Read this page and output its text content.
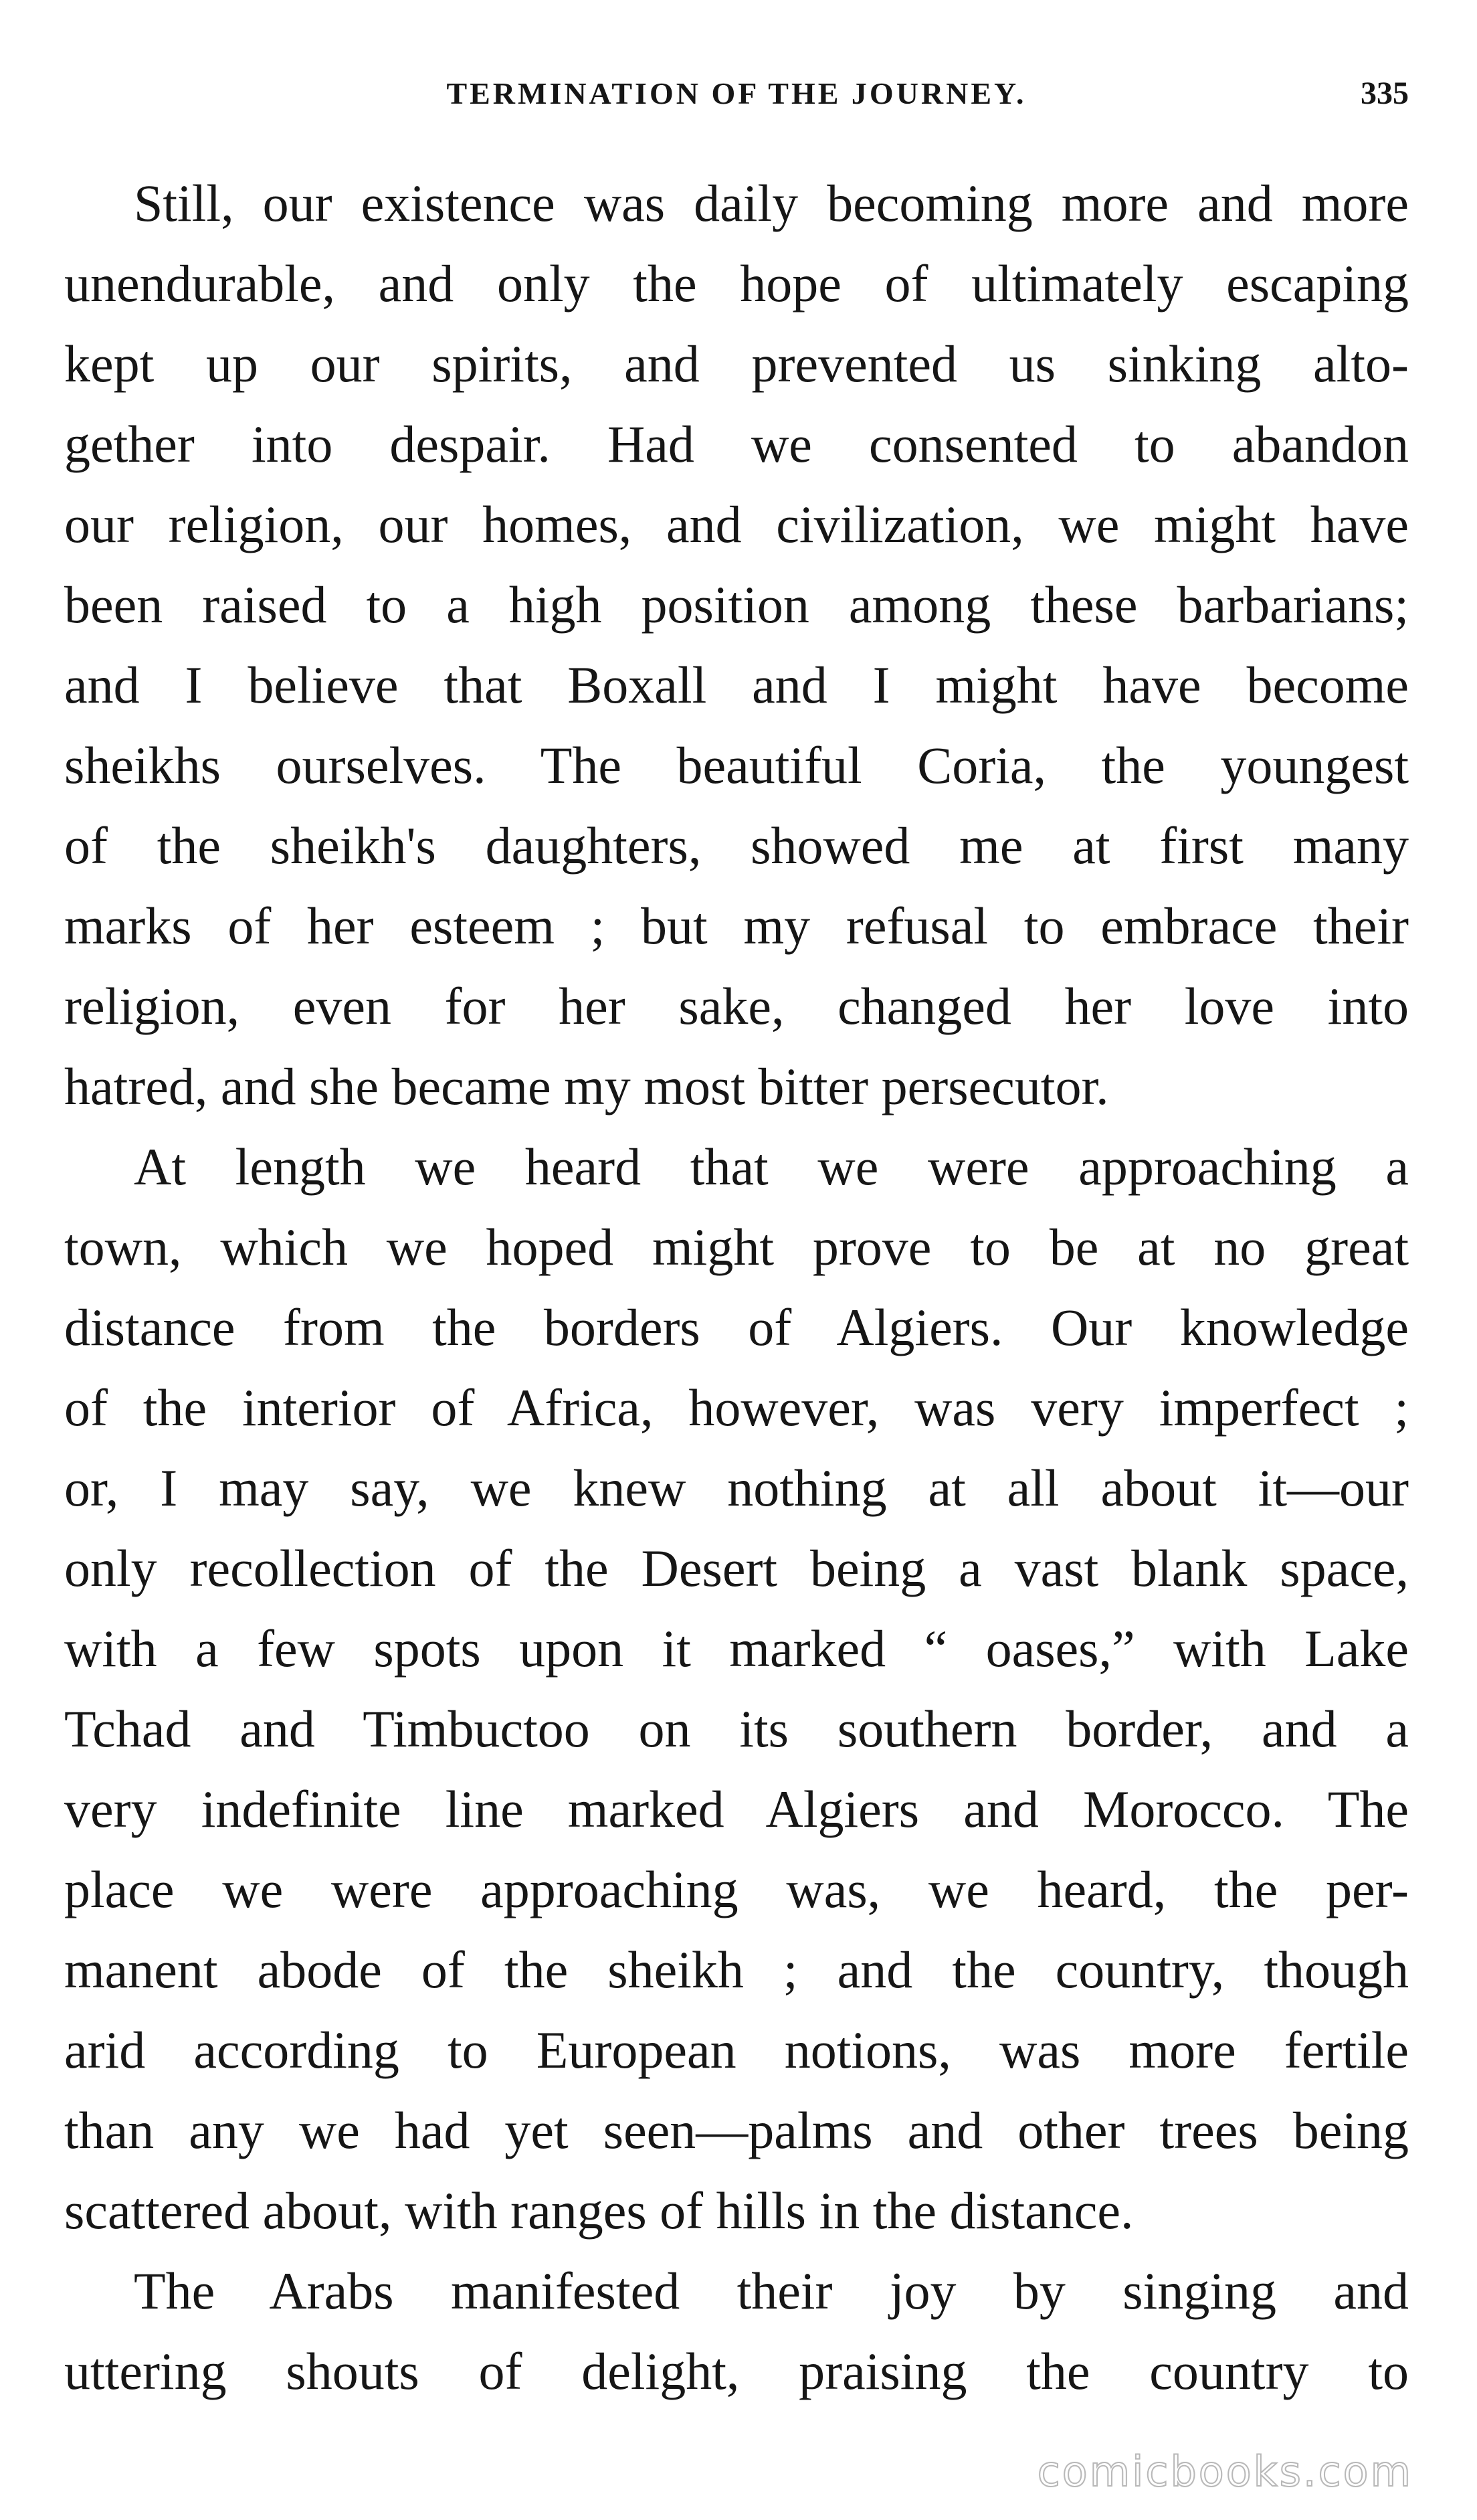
TERMINATION OF THE JOURNEY.	335
Still, our existence was daily becoming more and more
unendurable, and only the hope of ultimately escaping
kept up our spirits, and prevented us sinking alto-
gether into despair. Had we consented to abandon
our religion, our homes, and civilization, we might have
been raised to a high position among these barbarians;
and I believe that Boxall and I might have become
sheikhs ourselves. The beautiful Coria, the youngest
of the sheikh's daughters, showed me at first many
marks of her esteem ; but my refusal to embrace their
religion, even for her sake, changed her love into
hatred, and she became my most bitter persecutor.
At length we heard that we were approaching a
town, which we hoped might prove to be at no great
distance from the borders of Algiers. Our knowledge
of the interior of Africa, however, was very imperfect ;
or, I may say, we knew nothing at all about it—our
only recollection of the Desert being a vast blank space,
with a few spots upon it marked “ oases,” with Lake
Tchad and Timbuctoo on its southern border, and a
very indefinite line marked Algiers and Morocco. The
place we were approaching was, we heard, the per-
manent abode of the sheikh ; and the country, though
arid according to European notions, was more fertile
than any we had yet seen—palms and other trees being
scattered about, with ranges of hills in the distance.
The Arabs manifested their joy by singing and
uttering shouts of delight, praising the country to
comicbooks.com
